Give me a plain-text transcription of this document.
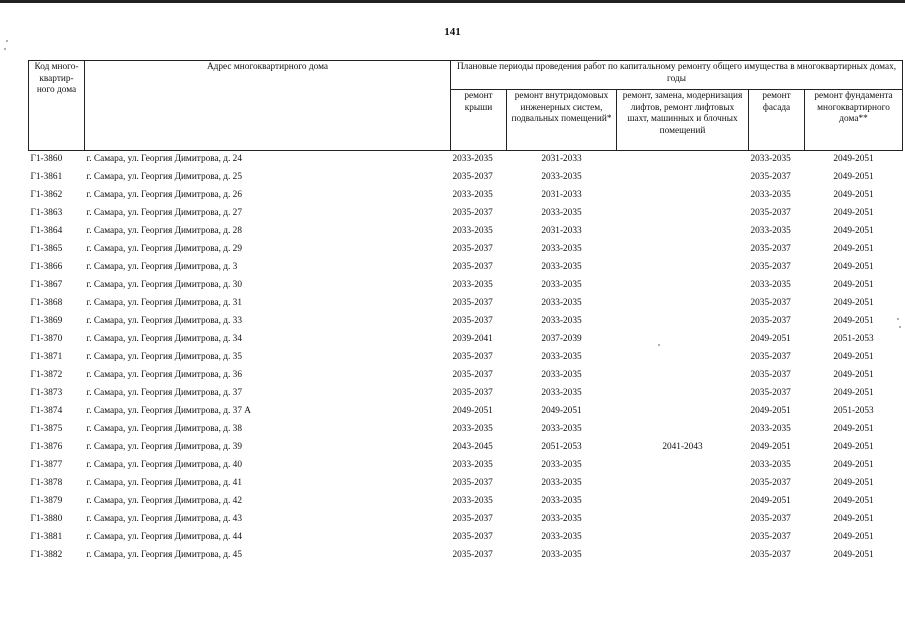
141
Код много-квартир-ного дома	Адрес многоквартирного дома	Плановые периоды проведения работ по капитальному ремонту общего имущества в многоквартирных домах, годы				
		ремонт крыши	ремонт внутридомовых инженерных систем, подвальных помещений*	ремонт, замена, модернизация лифтов, ремонт лифтовых шахт, машинных и блочных помещений	ремонт фасада	ремонт фундамента многоквартирного дома**
Г1-3860	г. Самара, ул. Георгия Димитрова, д. 24	2033-2035	2031-2033		2033-2035	2049-2051
Г1-3861	г. Самара, ул. Георгия Димитрова, д. 25	2035-2037	2033-2035		2035-2037	2049-2051
Г1-3862	г. Самара, ул. Георгия Димитрова, д. 26	2033-2035	2031-2033		2033-2035	2049-2051
Г1-3863	г. Самара, ул. Георгия Димитрова, д. 27	2035-2037	2033-2035		2035-2037	2049-2051
Г1-3864	г. Самара, ул. Георгия Димитрова, д. 28	2033-2035	2031-2033		2033-2035	2049-2051
Г1-3865	г. Самара, ул. Георгия Димитрова, д. 29	2035-2037	2033-2035		2035-2037	2049-2051
Г1-3866	г. Самара, ул. Георгия Димитрова, д. 3	2035-2037	2033-2035		2035-2037	2049-2051
Г1-3867	г. Самара, ул. Георгия Димитрова, д. 30	2033-2035	2033-2035		2033-2035	2049-2051
Г1-3868	г. Самара, ул. Георгия Димитрова, д. 31	2035-2037	2033-2035		2035-2037	2049-2051
Г1-3869	г. Самара, ул. Георгия Димитрова, д. 33	2035-2037	2033-2035		2035-2037	2049-2051
Г1-3870	г. Самара, ул. Георгия Димитрова, д. 34	2039-2041	2037-2039		2049-2051	2051-2053
Г1-3871	г. Самара, ул. Георгия Димитрова, д. 35	2035-2037	2033-2035		2035-2037	2049-2051
Г1-3872	г. Самара, ул. Георгия Димитрова, д. 36	2035-2037	2033-2035		2035-2037	2049-2051
Г1-3873	г. Самара, ул. Георгия Димитрова, д. 37	2035-2037	2033-2035		2035-2037	2049-2051
Г1-3874	г. Самара, ул. Георгия Димитрова, д. 37 А	2049-2051	2049-2051		2049-2051	2051-2053
Г1-3875	г. Самара, ул. Георгия Димитрова, д. 38	2033-2035	2033-2035		2033-2035	2049-2051
Г1-3876	г. Самара, ул. Георгия Димитрова, д. 39	2043-2045	2051-2053	2041-2043	2049-2051	2049-2051
Г1-3877	г. Самара, ул. Георгия Димитрова, д. 40	2033-2035	2033-2035		2033-2035	2049-2051
Г1-3878	г. Самара, ул. Георгия Димитрова, д. 41	2035-2037	2033-2035		2035-2037	2049-2051
Г1-3879	г. Самара, ул. Георгия Димитрова, д. 42	2033-2035	2033-2035		2049-2051	2049-2051
Г1-3880	г. Самара, ул. Георгия Димитрова, д. 43	2035-2037	2033-2035		2035-2037	2049-2051
Г1-3881	г. Самара, ул. Георгия Димитрова, д. 44	2035-2037	2033-2035		2035-2037	2049-2051
Г1-3882	г. Самара, ул. Георгия Димитрова, д. 45	2035-2037	2033-2035		2035-2037	2049-2051
